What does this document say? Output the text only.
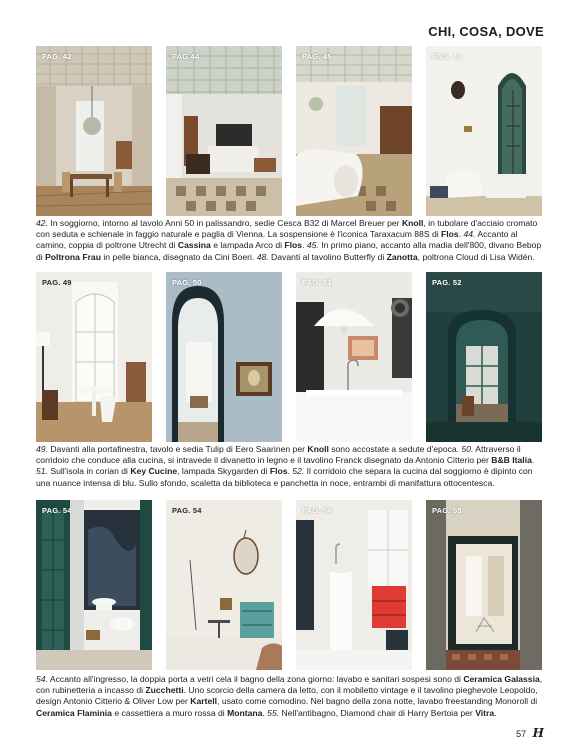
CHI, COSA, DOVE
PAG. 42	PAG.44	PAG. 45	PAG. 48

42. In soggiorno, intorno al tavolo Anni 50 in palissandro, sedie Cesca B32 di Marcel Breuer per Knoll, in tubolare d'acciaio cromato con seduta e schienale in faggio naturale e paglia di Vienna. La sospensione è l'iconica Taraxacum 88S di Flos. 44. Accanto al camino, coppia di poltrone Utrecht di Cassina e lampada Arco di Flos. 45. In primo piano, accanto alla madia dell'800, divano Bebop di Poltrona Frau in pelle bianca, disegnato da Cini Boeri. 48. Davanti al tavolino Butterfly di Zanotta, poltrona Cloud di Lisa Widén.

PAG. 49	PAG. 50	PAG. 51	PAG. 52

49. Davanti alla portafinestra, tavolo e sedia Tulip di Eero Saarinen per Knoll sono accostate a sedute d'epoca. 50. Attraverso il corridoio che conduce alla cucina, si intravede il divanetto in legno e il tavolino Franck disegnato da Antonio Citterio per B&B Italia. 51. Sull'isola in corian di Key Cucine, lampada Skygarden di Flos. 52. Il corridoio che separa la cucina dal soggiorno è dipinto con una nuance intensa di blu. Sullo sfondo, scaletta da biblioteca e panchetta in noce, entrambi di manifattura ottocentesca.

PAG. 54	PAG. 54	PAG. 54	PAG. 55

54. Accanto all'ingresso, la doppia porta a vetri cela il bagno della zona giorno: lavabo e sanitari sospesi sono di Ceramica Galassia, con rubinetteria a incasso di Zucchetti. Uno scorcio della camera da letto, con il mobiletto vintage e il tavolino pieghevole Leopoldo, design Antonio Citterio & Oliver Low per Kartell, usato come comodino. Nel bagno della zona notte, lavabo freestanding Monoroll di Ceramica Flaminia e cassettiera a muro rossa di Montana. 55. Nell'antibagno, Diamond chair di Harry Bertoia per Vitra.

57 H
